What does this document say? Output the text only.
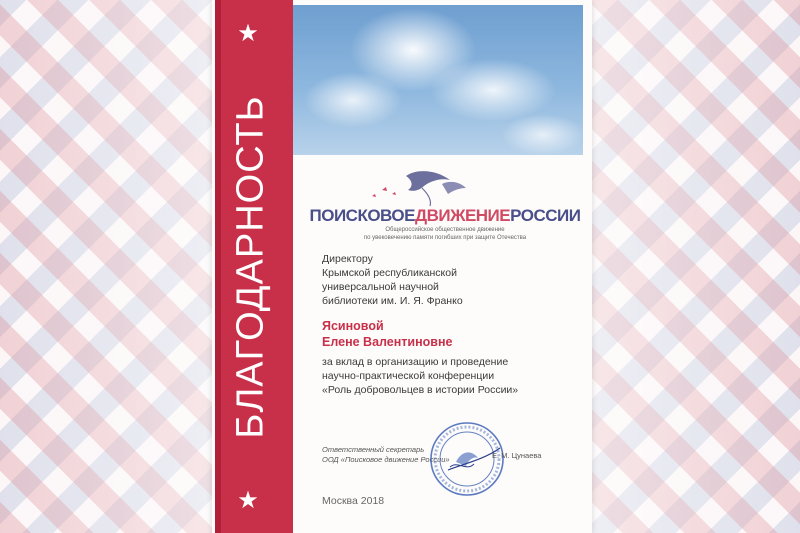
★
БЛАГОДАРНОСТЬ
★
ПОИСКОВОЕДВИЖЕНИЕРОССИИ
Общероссийское общественное движение
по увековечению памяти погибших при защите Отечества
Директору
Крымской республиканской
универсальной научной
библиотеки им. И. Я. Франко
Ясиновой
Елене Валентиновне
за вклад в организацию и проведение
научно-практической конференции
«Роль добровольцев в истории России»
Ответственный секретарь
ООД «Поисковое движение России»	Е. М. Цунаева
Москва 2018
